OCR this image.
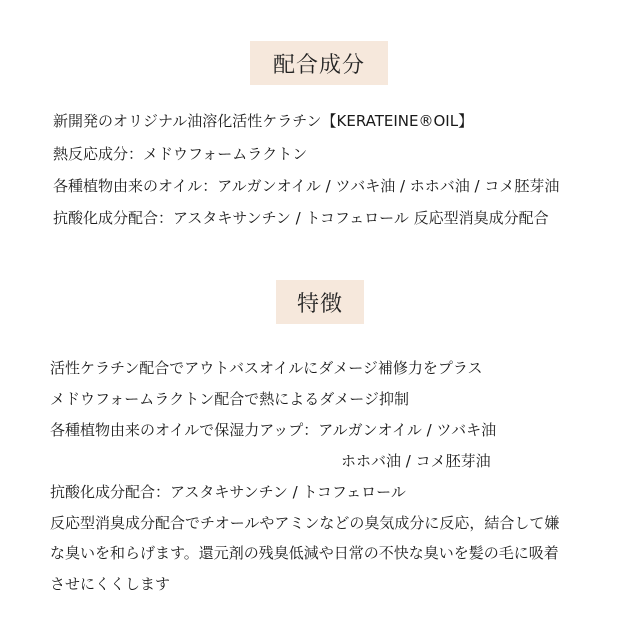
配合成分
新開発のオリジナル油溶化活性ケラチン【KERATEINE®OIL】
熱反応成分：メドウフォームラクトン
各種植物由来のオイル：アルガンオイル / ツバキ油 / ホホバ油 / コメ胚芽油
抗酸化成分配合：アスタキサンチン / トコフェロール 反応型消臭成分配合
特徴
活性ケラチン配合でアウトバスオイルにダメージ補修力をプラス
メドウフォームラクトン配合で熱によるダメージ抑制
各種植物由来のオイルで保湿力アップ：アルガンオイル / ツバキ油
ホホバ油 / コメ胚芽油
抗酸化成分配合：アスタキサンチン / トコフェロール
反応型消臭成分配合でチオールやアミンなどの臭気成分に反応，結合して嫌
な臭いを和らげます。還元剤の残臭低減や日常の不快な臭いを髪の毛に吸着
させにくくします
